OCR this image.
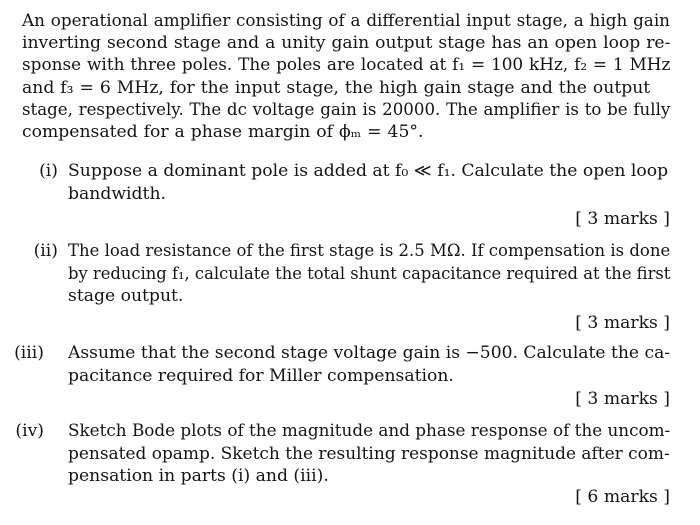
An operational amplifier consisting of a differential input stage, a high gain
inverting second stage and a unity gain output stage has an open loop re-
sponse with three poles. The poles are located at f₁ = 100 kHz, f₂ = 1 MHz
and f₃ = 6 MHz, for the input stage, the high gain stage and the output
stage, respectively. The dc voltage gain is 20000. The amplifier is to be fully
compensated for a phase margin of ϕₘ = 45°.
(i) Suppose a dominant pole is added at f₀ ≪ f₁. Calculate the open loop
bandwidth.
[ 3 marks ]
(ii) The load resistance of the first stage is 2.5 MΩ. If compensation is done
by reducing f₁, calculate the total shunt capacitance required at the first
stage output.
[ 3 marks ]
(iii) Assume that the second stage voltage gain is −500. Calculate the ca-
pacitance required for Miller compensation.
[ 3 marks ]
(iv) Sketch Bode plots of the magnitude and phase response of the uncom-
pensated opamp. Sketch the resulting response magnitude after com-
pensation in parts (i) and (iii).
[ 6 marks ]
